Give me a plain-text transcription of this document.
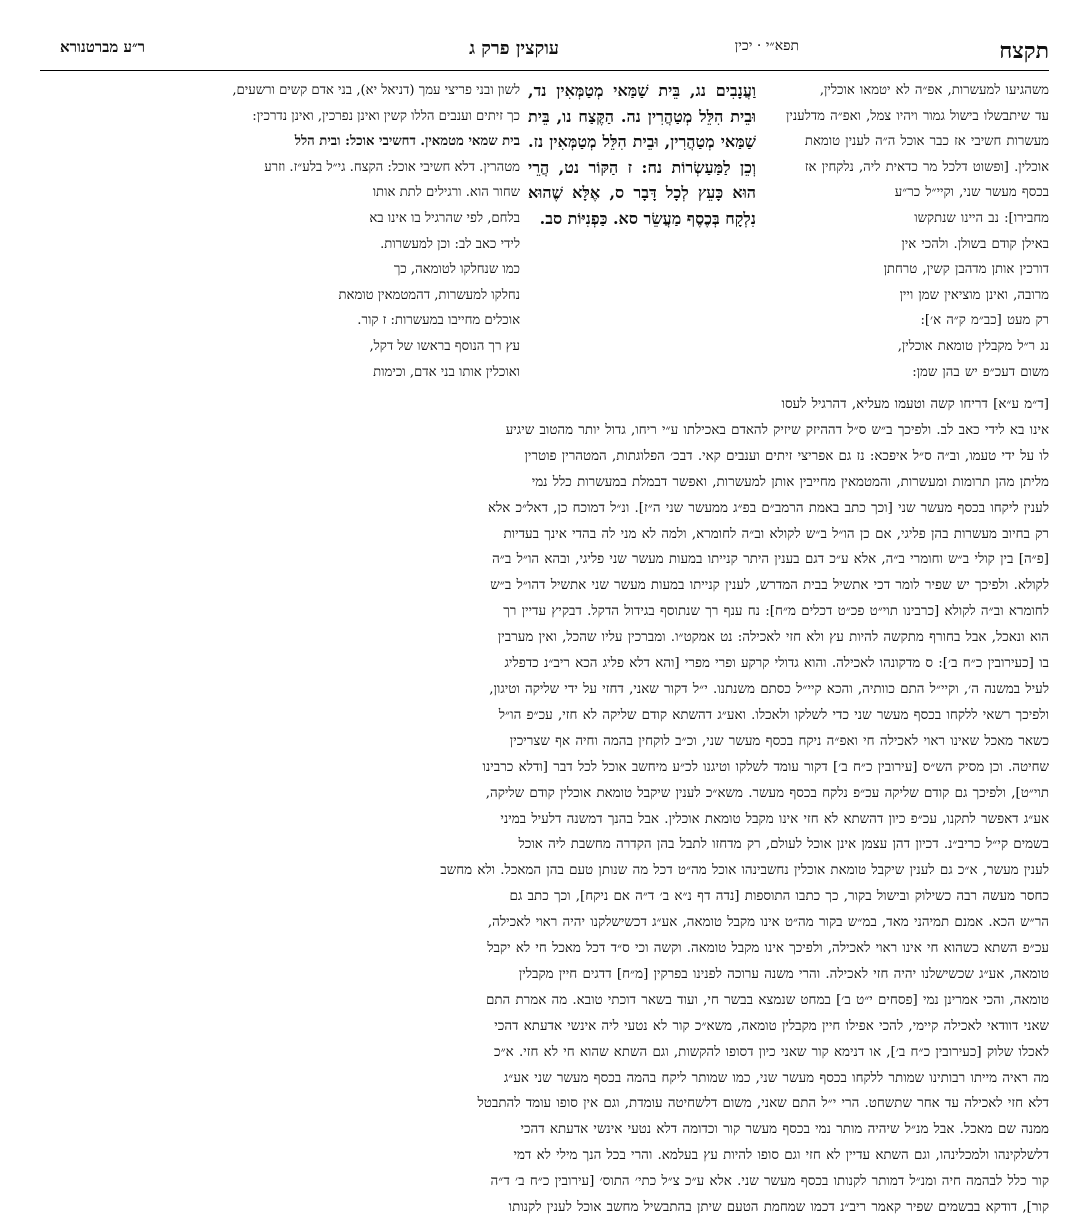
תקצח
תפא״י · יכין
עוקצין פרק ג
ר״ע מברטנורא
משהגיעו למעשרות, אפ״ה לא יטמאו אוכלין,
עד שיתבשלו בישול גמור ויהיו צמל, ואפ״ה מדלענין
מעשרות חשיבי אז כבר אוכל ה״ה לענין טומאת
אוכלין. [ופשוט דלכל מר כדאית ליה, נלקחין אז
בכסף מעשר שני, וקיי״ל כר״ע
מחבירו]: נב היינו שנתקשו
באילן קודם בשולן. ולהכי אין
דורכין אותן מדהבן קשין, טרחתן
מרובה, ואינן מוציאין שמן ויין
רק מעט [כב״מ ק״ה א׳]:
נג ר״ל מקבלין טומאת אוכלין,
משום דעכ״פ יש בהן שמן:

וַעֲנָבִים נג, בֵּית שַׁמַּאי מְטַמְּאִין נד, וּבֵית הִלֵּל מְטַהֲרִין נה. הַקֶּצַח נו, בֵּית שַׁמַּאי מְטַהֲרִין, וּבֵית הִלֵּל מְטַמְּאִין נז. וְכֵן לַמַּעַשְׂרוֹת נח: ז הַקּוֹר נט, הֲרֵי הוּא כָּעֵץ לְכָל דָּבָר ס, אֶלָּא שֶׁהוּא נִלְקָח בְּכֶסֶף מַעֲשֵׂר סא. כַּפְנִיּוֹת סב.

לשון ובני פריצי עמך (דניאל יא), בני אדם קשים ורשעים,
כך זיתים וענבים הללו קשין ואינן נפרכין, ואינן נדרכין:
בית שמאי מטמאין. דחשיבי אוכל: ובית הלל
מטהרין. דלא חשיבי אוכל: הקצח. גי״ל בלע״ז. וזרע
שחור הוא. ורגילים לתת אותו
בלחם, לפי שהרגיל בו אינו בא
לידי כאב לב: וכן למעשרות.
כמו שנחלקו לטומאה, כך
נחלקו למעשרות, דהמטמאין טומאת
אוכלים מחייבו במעשרות: ז קור.
עץ רך הנוסף בראשו של דקל,
ואוכלין אותו בני אדם, וכימות
[ד״מ ע״א] דריחו קשה וטעמו מעליא, דהרגיל לעסו
אינו בא לידי כאב לב. ולפיכך ב״ש ס״ל דההיזק שיזיק להאדם באכילתו ע״י ריחו, גדול יותר מהטוב שיגיע
לו על ידי טעמו, וב״ה ס״ל איפכא: נז גם אפריצי זיתים וענבים קאי. דבכ׳ הפלוגתות, המטהרין פוטרין
מליתן מהן תרומות ומעשרות, והמטמאין מחייבין אותן למעשרות, ואפשר דבמלת במעשרות כלל נמי
לענין ליקחו בכסף מעשר שני [וכך כתב באמת הרמב״ם בפ״ג ממעשר שני ה״ז]. ונ״ל דמוכח כן, דאל״כ אלא
רק בחיוב מעשרות בהן פליגי, אם כן הו״ל ב״ש לקולא וב״ה לחומרא, ולמה לא מני לה בהדי אינך בעדיות
[פ״ה] בין קולי ב״ש וחומרי ב״ה, אלא ע״כ דגם בענין היתר קנייתו במעות מעשר שני פליגי, ובהא הו״ל ב״ה
לקולא. ולפיכך יש שפיר לומר דכי אתשיל בבית המדרש, לענין קנייתו במעות מעשר שני אתשיל דהו״ל ב״ש
לחומרא וב״ה לקולא [כרבינו תוי״ט פכ״ט דכלים מ״ח]: נח ענף רך שנתוסף בגידול הדקל. דבקיץ עדיין רך
הוא ונאכל, אבל בחורף מתקשה להיות עץ ולא חזי לאכילה: נט אמקט״ו. ומברכין עליו שהכל, ואין מערבין
בו [כעירובין כ״ח ב׳]: ס מדקונהו לאכילה. והוא גדולי קרקע ופרי מפרי [והא דלא פליג הכא ריב״נ כדפליג
לעיל במשנה ה׳, וקיי״ל התם כוותיה, והכא קיי״ל כסתם משנתנו. י״ל דקור שאני, דחזי על ידי שליקה וטיגון,
ולפיכך רשאי ללקחו בכסף מעשר שני כדי לשלקו ולאכלו. ואע״ג דהשתא קודם שליקה לא חזי, עכ״פ הו״ל
כשאר מאכל שאינו ראוי לאכילה חי ואפ״ה ניקח בכסף מעשר שני, וכ״ב לוקחין בהמה וחיה אף שצריכין
שחיטה. וכן מסיק הש״ס [עירובין כ״ח ב׳] דקור עומד לשלקו וטיגנו לכ״ע מיחשב אוכל לכל דבר [ודלא כרבינו
תוי״ט], ולפיכך גם קודם שליקה עכ״פ נלקח בכסף מעשר. משא״כ לענין שיקבל טומאת אוכלין קודם שליקה,
אע״ג דאפשר לתקנו, עכ״פ כיון דהשתא לא חזי אינו מקבל טומאת אוכלין. אבל בהנך דמשנה דלעיל במיני
בשמים קי״ל כריב״נ. דכיון דהן עצמן אינן אוכל לעולם, רק מדחזו לתבל בהן הקדרה מחשבת ליה אוכל
לענין מעשר, א״כ גם לענין שיקבל טומאת אוכלין נחשבינהו אוכל מה״ט דכל מה שנותן טעם בהן המאכל. ולא מחשב
כחסר מעשה רבה כשילוק ובישול בקור, כך כתבו התוספות [נדה דף נ״א ב׳ ד״ה אם ניקח], וכך כתב גם
הר״ש הכא. אמנם תמיהני מאד, במ״ש בקור מה״ט אינו מקבל טומאה, אע״ג דכשישלקנו יהיה ראוי לאכילה,
עכ״פ השתא כשהוא חי אינו ראוי לאכילה, ולפיכך אינו מקבל טומאה. וקשה וכי ס״ד דכל מאכל חי לא יקבל
טומאה, אע״ג שכשישלנו יהיה חזי לאכילה. והרי משנה ערוכה לפנינו בפרקין [מ״ח] דדגים חיין מקבלין
טומאה, והכי אמרינן נמי [פסחים י״ט ב׳] במחט שנמצא בבשר חי, ועוד בשאר דוכתי טובא. מה אמרת התם
שאני דוודאי לאכילה קיימי, להכי אפילו חיין מקבלין טומאה, משא״כ קור לא נטעי ליה אינשי אדעתא דהכי
לאכלו שלוק [כעירובין כ״ח ב׳], או דנימא קור שאני כיון דסופו להקשות, וגם השתא שהוא חי לא חזי. א״כ
מה ראיה מייתו רבותינו שמותר ללקחו בכסף מעשר שני, כמו שמותר ליקח בהמה בכסף מעשר שני אע״ג
דלא חזי לאכילה עד אחר שתשחט. הרי י״ל התם שאני, משום דלשחיטה עומדת, וגם אין סופו עומד להתבטל
ממנה שם מאכל. אבל מנ״ל שיהיה מותר נמי בכסף מעשר קור וכדומה דלא נטעי אינשי אדעתא דהכי
דלשלקינהו ולמכלינהו, וגם השתא עדיין לא חזי וגם סופו להיות עץ בעלמא. והרי בכל הנך מילי לא דמי
קור כלל לבהמה חיה ומנ״ל דמותר לקנותו בכסף מעשר שני. אלא ע״כ צ״ל כתי׳ התוס׳ [עירובין כ״ח ב׳ ד״ה
קור], דודקא בבשמים שפיר קאמר ריב״נ דכמו שמחמת הטעם שיתן בהתבשיל מחשב אוכל לענין לקנותו
